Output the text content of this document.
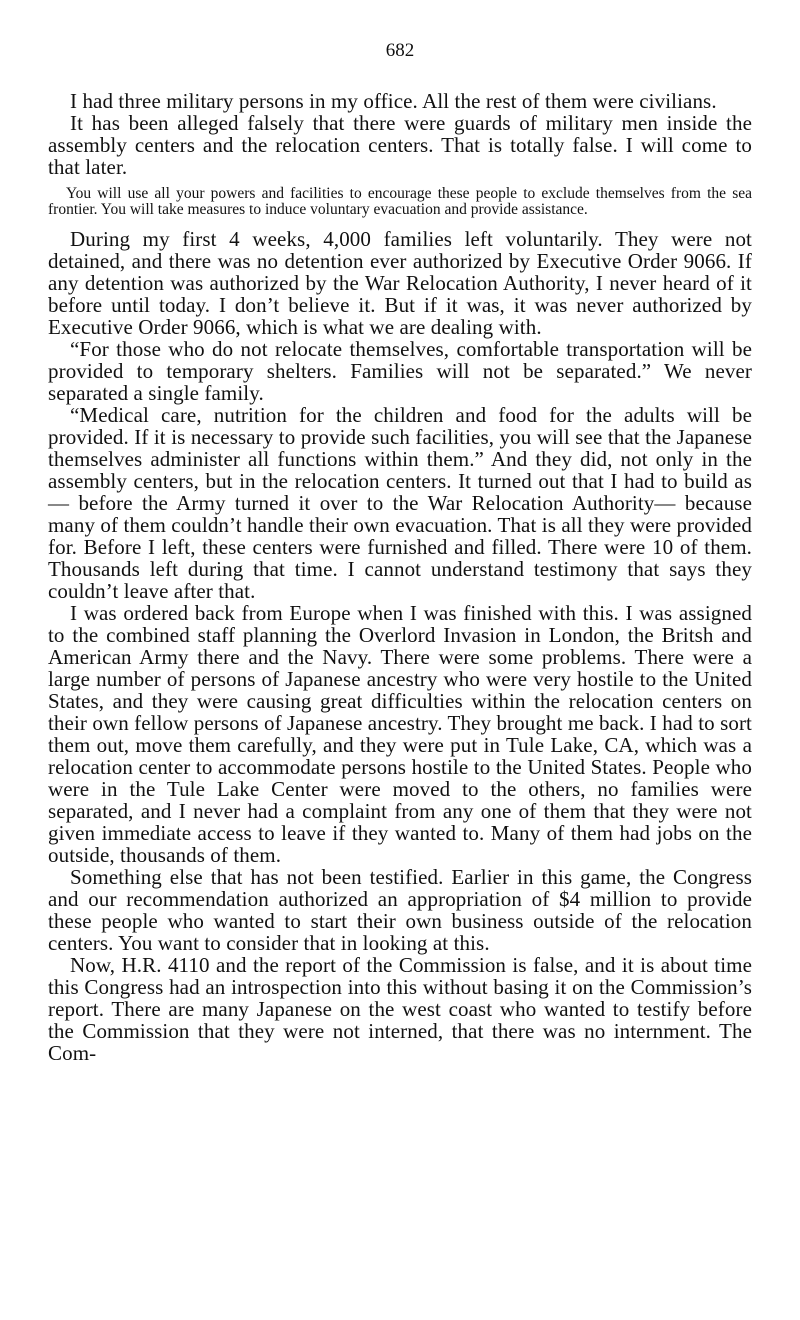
682

I had three military persons in my office. All the rest of them were civilians.

It has been alleged falsely that there were guards of military men inside the assembly centers and the relocation centers. That is totally false. I will come to that later.

You will use all your powers and facilities to encourage these people to exclude themselves from the sea frontier. You will take measures to induce voluntary evacuation and provide assistance.

During my first 4 weeks, 4,000 families left voluntarily. They were not detained, and there was no detention ever authorized by Executive Order 9066. If any detention was authorized by the War Relocation Authority, I never heard of it before until today. I don’t believe it. But if it was, it was never authorized by Executive Order 9066, which is what we are dealing with.

“For those who do not relocate themselves, comfortable transportation will be provided to temporary shelters. Families will not be separated.” We never separated a single family.

“Medical care, nutrition for the children and food for the adults will be provided. If it is necessary to provide such facilities, you will see that the Japanese themselves administer all functions within them.” And they did, not only in the assembly centers, but in the relocation centers. It turned out that I had to build as— before the Army turned it over to the War Relocation Authority— because many of them couldn’t handle their own evacuation. That is all they were provided for. Before I left, these centers were furnished and filled. There were 10 of them. Thousands left during that time. I cannot understand testimony that says they couldn’t leave after that.

I was ordered back from Europe when I was finished with this. I was assigned to the combined staff planning the Overlord Invasion in London, the Britsh and American Army there and the Navy. There were some problems. There were a large number of persons of Japanese ancestry who were very hostile to the United States, and they were causing great difficulties within the relocation centers on their own fellow persons of Japanese ancestry. They brought me back. I had to sort them out, move them carefully, and they were put in Tule Lake, CA, which was a relocation center to accommodate persons hostile to the United States. People who were in the Tule Lake Center were moved to the others, no families were separated, and I never had a complaint from any one of them that they were not given immediate access to leave if they wanted to. Many of them had jobs on the outside, thousands of them.

Something else that has not been testified. Earlier in this game, the Congress and our recommendation authorized an appropriation of $4 million to provide these people who wanted to start their own business outside of the relocation centers. You want to consider that in looking at this.

Now, H.R. 4110 and the report of the Commission is false, and it is about time this Congress had an introspection into this without basing it on the Commission’s report. There are many Japanese on the west coast who wanted to testify before the Commission that they were not interned, that there was no internment. The Com-
